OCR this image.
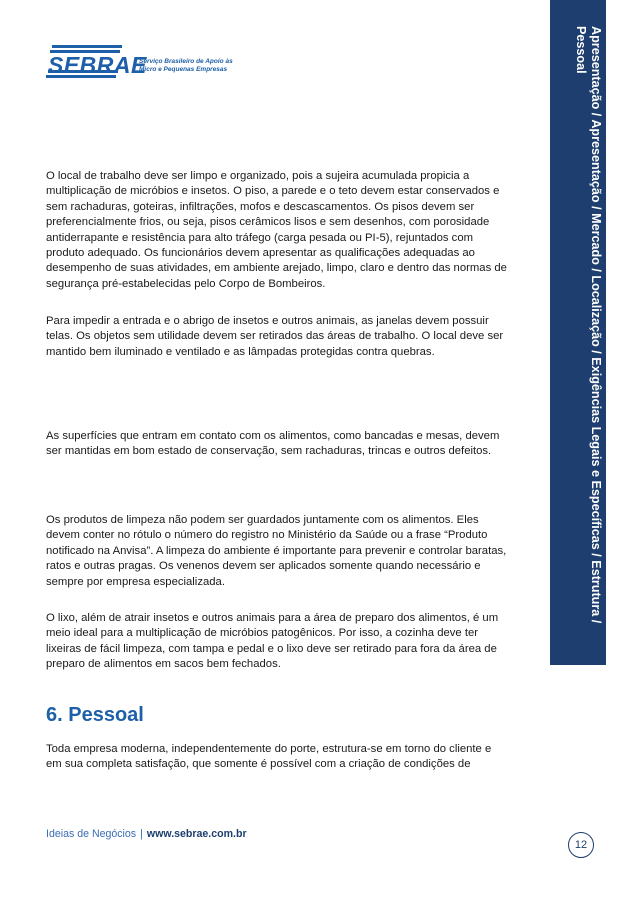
SEBRAE
Serviço Brasileiro de Apoio às
Micro e Pequenas Empresas	Apresentação / Apresentação / Mercado / Localização / Exigências Legais e Específicas / Estrutura / Pessoal

O local de trabalho deve ser limpo e organizado, pois a sujeira acumulada propicia a multiplicação de micróbios e insetos. O piso, a parede e o teto devem estar conservados e sem rachaduras, goteiras, infiltrações, mofos e descascamentos. Os pisos devem ser preferencialmente frios, ou seja, pisos cerâmicos lisos e sem desenhos, com porosidade antiderrapante e resistência para alto tráfego (carga pesada ou PI-5), rejuntados com produto adequado. Os funcionários devem apresentar as qualificações adequadas ao desempenho de suas atividades, em ambiente arejado, limpo, claro e dentro das normas de segurança pré-estabelecidas pelo Corpo de Bombeiros.

Para impedir a entrada e o abrigo de insetos e outros animais, as janelas devem possuir telas. Os objetos sem utilidade devem ser retirados das áreas de trabalho. O local deve ser mantido bem iluminado e ventilado e as lâmpadas protegidas contra quebras.

As superfícies que entram em contato com os alimentos, como bancadas e mesas, devem ser mantidas em bom estado de conservação, sem rachaduras, trincas e outros defeitos.

Os produtos de limpeza não podem ser guardados juntamente com os alimentos. Eles devem conter no rótulo o número do registro no Ministério da Saúde ou a frase “Produto notificado na Anvisa”. A limpeza do ambiente é importante para prevenir e controlar baratas, ratos e outras pragas. Os venenos devem ser aplicados somente quando necessário e sempre por empresa especializada.

O lixo, além de atrair insetos e outros animais para a área de preparo dos alimentos, é um meio ideal para a multiplicação de micróbios patogênicos. Por isso, a cozinha deve ter lixeiras de fácil limpeza, com tampa e pedal e o lixo deve ser retirado para fora da área de preparo de alimentos em sacos bem fechados.

6. Pessoal

Toda empresa moderna, independentemente do porte, estrutura-se em torno do cliente e em sua completa satisfação, que somente é possível com a criação de condições de

Ideias de Negócios | www.sebrae.com.br
12
